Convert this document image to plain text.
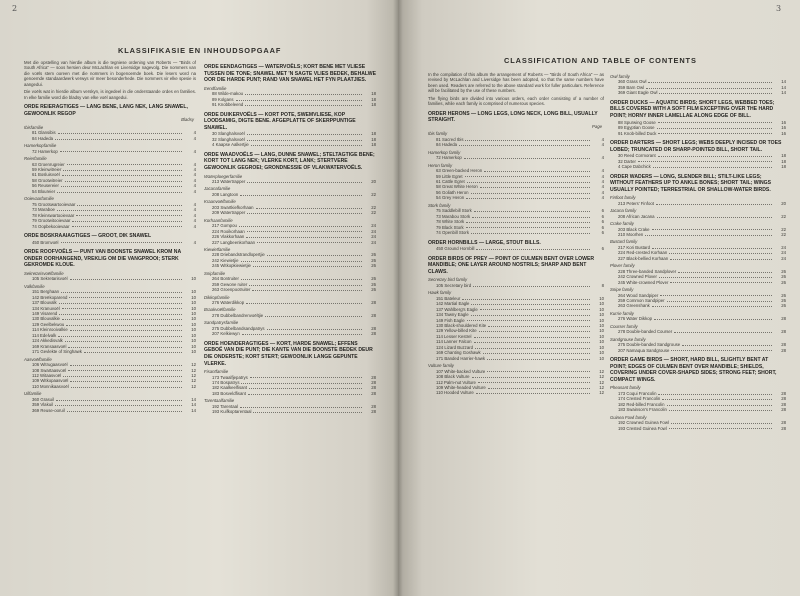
2
KLASSIFIKASIE EN INHOUDSOPGAAF

Met die opstelling van hierdie album is die tegniese ordening van Roberts — "Birds of South Africa" — soos hersien deur McLachlan en Liversidge nagevolg. Die nommers van die voëls stem ooreen met die nommers in bogenoemde boek. Die lesers word na genoemde standaardwerk verwys vir meer besonderhede. Die nommers vir elke spesie is aangedui.

Die voëls wat in hierdie album verskyn, is ingedeel in die onderstaande ordes en families. In elke familie word die bladsy van elke voël aangedui.

ORDE REIERAGTIGES — LANG BENE, LANG NEK, LANG SNAWEL, GEWOONLIK REGOP
Bladsy
Ibisfamilie
81 Glansibis	4
84 Hadeda	4
Hamerkopfamilie
72 Hamerkop	4
Reierfamilie
63 Groenrugreier	4
59 Kleinwitreier	4
61 Bosluisvoël	4
58 Grootwitreier	4
56 Reusereier	4
54 Bloureier	4
Ooievaarfamilie
75 Grootswartooievaar	4
73 Maraboe	4
78 Kleinswartooievaar	4
79 Grootwitooievaar	4
74 Oopbekooievaar	4
ORDE BOSKRAAIAGTIGES — GROOT, DIK SNAWEL
450 Bromvoël	4
ORDE ROOFVOËLS — PUNT VAN BOONSTE SNAWEL KROM NA ONDER OORHANGEND, VREKLIG OM DIE VANGPROOI; STERK GEKROMDE KLOUE.
Sekretarisvoëlfamilie
105 Sekretarisvoël	10
Valkfamilie
151 Berghaan	10
142 Breëkoparend	10
137 Blouvalk	10
134 Kranuvoël	10
149 Visarend	10
130 Blouvalkie	10
129 Geelbekwou	10
114 Kleinrooivalkie	10
114 Edelvalk	10
124 Akkedisvalk	10
169 Kransaasvoël	10
171 Gevlekte of Singhawk	10
Aasvoëlfamilie
106 Witrugaasvoël	12
108 Swartaasvoël	12
112 Witaasvoël	12
109 Witkopaasvoël	12
110 Monnikaasvoël	12
Uilfamilie
360 Grasuil	14
359 Vlakuil	14
369 Reuse-ooruil	14
ORDE EENDAGTIGES — WATERVOËLS; KORT BENE MET VLIESE TUSSEN DIE TONE; SNAWEL MET 'N SAGTE VLIES BEDEK, BEHALWE OOR DIE HARDE PUNT; RAND VAN SNAWEL HET FYN PLAATJIES.
Eendfamilie
88 Wilde-makou	18
89 Kolgans	18
91 Knobbeleend	18
ORDE DUIKERVOËLS — KORT POTE, SWEMVLIESE, KOP LOODSAMIG, DIGTE BENE. AFGEPLATTE OF SKERPPUNTIGE SNAWEL.
30 Slanghalsvoël	18
32 Slanghalsvoël	18
4 Kaapse Aalkertjie	18
ORDE WAADVOËLS — LANG, DUNNE SNAWEL; STELTAGTIGE BENE; KORT TOT LANG NEK; VLERKE KORT, LANK; STERTVERE GEWOONLIK GEGROEI; GRONDNESSIE OF VLAKWATERVOËLS.
Waterploegerfamilie
213 Watertrapper	20
Jacanafamilie
208 Langtoon	22
Kraanvoëlfamilie
203 Swartkiefkorhaan	22
209 Watertrapper	22
Korhaanfamilie
217 Gompou	24
224 Rooikorhaan	24
226 Vlakkorhaan	24
227 Langbeenkorhaan	24
Kiewietfamilie
228 Driebandstrandlopertjie	26
242 Kiewietjie	26
245 Witkopkiewietjie	26
Snipfamilie
264 Bontruiter	26
259 Gewone ruiter	26
263 Groenpootruiter	26
Dikkopfamilie
276 Waterdikkop	28
Braakvoëlfamilie
278 Dubbelbandrenvoëltjie	28
Sandpatrysfamilie
275 Dubbelbandsandpatrys	28
207 Kelkiewyn	28
ORDE HOENDERAGTIGES — KORT, HARDE SNAWEL; EFFENS GEBOË VAN DIE PUNT; DIE KANTE VAN DIE BOONSTE BEDEK DEUR DIE ONDERSTE; KORT STERT; GEWOONLIK LANGE GEPUNTE VLERKE.
Fisantfamilie
173 Twaalfjepatrys	28
174 Bospatrys	28
182 Kaalkeelfisant	28
183 Bosveldfisant	28
Tarentaalfamilie
192 Tarentaal	28
193 Kuifkoptarentaal	28
3
CLASSIFICATION AND TABLE OF CONTENTS

In the compilation of this album the arrangement of Roberts — "Birds of South Africa" — as revised by McLachlan and Liversidge has been adopted, so that the same numbers have been used. Readers are referred to the above standard work for fuller particulars. Reference will be facilitated by the use of these numbers.

The flying birds are divided into various orders, each order consisting of a number of families, while each family is comprised of numerous species.

ORDER HERONS — LONG LEGS, LONG NECK, LONG BILL, USUALLY STRAIGHT.
Page
Ibis family
81 Sacred Ibis	4
84 Hadeda	4
Hamerkop family
72 Hamerkop	4
Heron family
63 Green-backed Heron	4
59 Little Egret	4
61 Cattle Egret	4
58 Great White Heron	4
56 Goliath Heron	4
54 Grey Heron	4
Stork family
75 Saddlebill Stork	6
73 Marabou Stork	6
78 White Stork	6
79 Black Stork	6
74 Openbill Stork	6
ORDER HORNBILLS — LARGE, STOUT BILLS.
450 Ground Hornbill	6
ORDER BIRDS OF PREY — POINT OF CULMEN BENT OVER LOWER MANDIBLE; ONE LAYER AROUND NOSTRILS; SHARP AND BENT CLAWS.
Secretary bird family
105 Secretary bird	8
Hawk family
151 Bateleur	10
142 Martial Eagle	10
137 Wahlberg's Eagle	10
134 Tawny Eagle	10
149 Fish Eagle	10
130 Black-shouldered Kite	10
129 Yellow-billed Kite	10
114 Lesser Kestrel	10
114 Lanner Falcon	10
124 Lizard Buzzard	10
169 Chanting Goshawk	10
171 Banded Harrier-hawk	10
Vulture family
107 White-backed Vulture	12
108 Black Vulture	12
112 Palm-nut Vulture	12
109 White-headed Vulture	12
110 Hooded Vulture	12
Owl family
360 Grass Owl	14
359 Barn Owl	14
369 Giant Eagle Owl	14
ORDER DUCKS — AQUATIC BIRDS; SHORT LEGS, WEBBED TOES; BILLS COVERED WITH A SOFT FILM EXCEPTING OVER THE HARD POINT; HORNY INNER LAMELLAE ALONG EDGE OF BILL.
88 Spurwing Goose	16
89 Egyptian Goose	16
91 Knob-billed Duck	16
ORDER DARTERS — SHORT LEGS; WEBS DEEPLY INCISED OR TOES LOBED; TRUNCATED OR SHARP-POINTED BILL, SHORT TAIL.
30 Reed Cormorant	18
32 Darter	18
4 Cape Dabchick	18
ORDER WADERS — LONG, SLENDER BILL; STILT-LIKE LEGS; WITHOUT FEATHERS UP TO ANKLE BONES; SHORT TAIL; WINGS USUALLY POINTED; TERRESTRIAL OR SHALLOW-WATER BIRDS.
Finfoot family
213 Peters' Finfoot	20
Jacana family
208 African Jacana	22
Crake family
203 Black Crake	22
210 Moorhen	22
Bustard family
217 Kori Bustard	24
224 Red-crested Korhaan	24
227 Black-bellied Korhaan	24
Plover family
228 Three-banded Sandplover	26
242 Crowned Plover	26
245 White-crowned Plover	26
Snipe family
264 Wood Sandpiper	26
259 Common Sandpiper	26
263 Greenshank	26
Kurrie family
276 Water Dikkop	28
Courser family
278 Double-banded Courser	28
Sandgrouse family
275 Double-banded Sandgrouse	28
207 Namaqua Sandgrouse	28
ORDER GAME BIRDS — SHORT, HARD BILL, SLIGHTLY BENT AT POINT; EDGES OF CULMEN BENT OVER MANDIBLE; SHIELDS, COVERING UNDER COVER-SHAPED SIDES; STRONG FEET; SHORT, COMPACT WINGS.
Pheasant family
173 Coqui Francolin	28
174 Crested Francolin	28
182 Red-billed Francolin	28
183 Swainson's Francolin	28
Guinea Fowl family
192 Crowned Guinea Fowl	28
193 Crested Guinea Fowl	28
